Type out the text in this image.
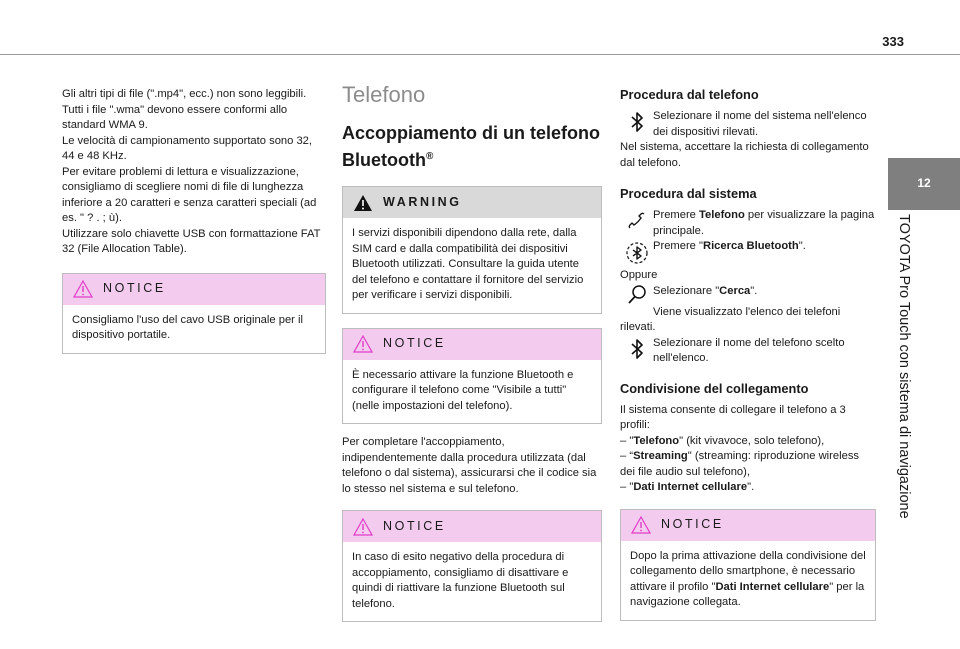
333
12
TOYOTA Pro Touch con sistema di navigazione

Gli altri tipi di file (".mp4", ecc.) non sono leggibili.

Tutti i file ".wma" devono essere conformi allo standard WMA 9.

Le velocità di campionamento supportato sono 32, 44 e 48 KHz.

Per evitare problemi di lettura e visualizzazione, consigliamo di scegliere nomi di file di lunghezza inferiore a 20 caratteri e senza caratteri speciali (ad es. " ? . ; ù).

Utilizzare solo chiavette USB con formattazione FAT 32 (File Allocation Table).

NOTICE
Consigliamo l'uso del cavo USB originale per il dispositivo portatile.
Telefono
Accoppiamento di un telefono Bluetooth®
WARNING
I servizi disponibili dipendono dalla rete, dalla SIM card e dalla compatibilità dei dispositivi Bluetooth utilizzati. Consultare la guida utente del telefono e contattare il fornitore del servizio per verificare i servizi disponibili.
NOTICE
È necessario attivare la funzione Bluetooth e configurare il telefono come "Visibile a tutti" (nelle impostazioni del telefono).

Per completare l'accoppiamento, indipendentemente dalla procedura utilizzata (dal telefono o dal sistema), assicurarsi che il codice sia lo stesso nel sistema e sul telefono.

NOTICE
In caso di esito negativo della procedura di accoppiamento, consigliamo di disattivare e quindi di riattivare la funzione Bluetooth sul telefono.
Procedura dal telefono
Selezionare il nome del sistema nell'elenco dei dispositivi rilevati.

Nel sistema, accettare la richiesta di collegamento dal telefono.

Procedura dal sistema
Premere Telefono per visualizzare la pagina principale.
Premere "Ricerca Bluetooth".

Oppure

Selezionare "Cerca".

Viene visualizzato l'elenco dei telefoni rilevati.

Selezionare il nome del telefono scelto nell'elenco.
Condivisione del collegamento

Il sistema consente di collegare il telefono a 3 profili:

– "Telefono" (kit vivavoce, solo telefono),

– “Streaming" (streaming: riproduzione wireless dei file audio sul telefono),

– "Dati Internet cellulare".

NOTICE
Dopo la prima attivazione della condivisione del collegamento dello smartphone, è necessario attivare il profilo "Dati Internet cellulare" per la navigazione collegata.
